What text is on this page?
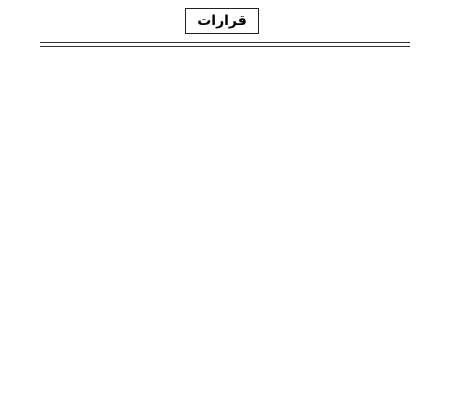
قرارات
